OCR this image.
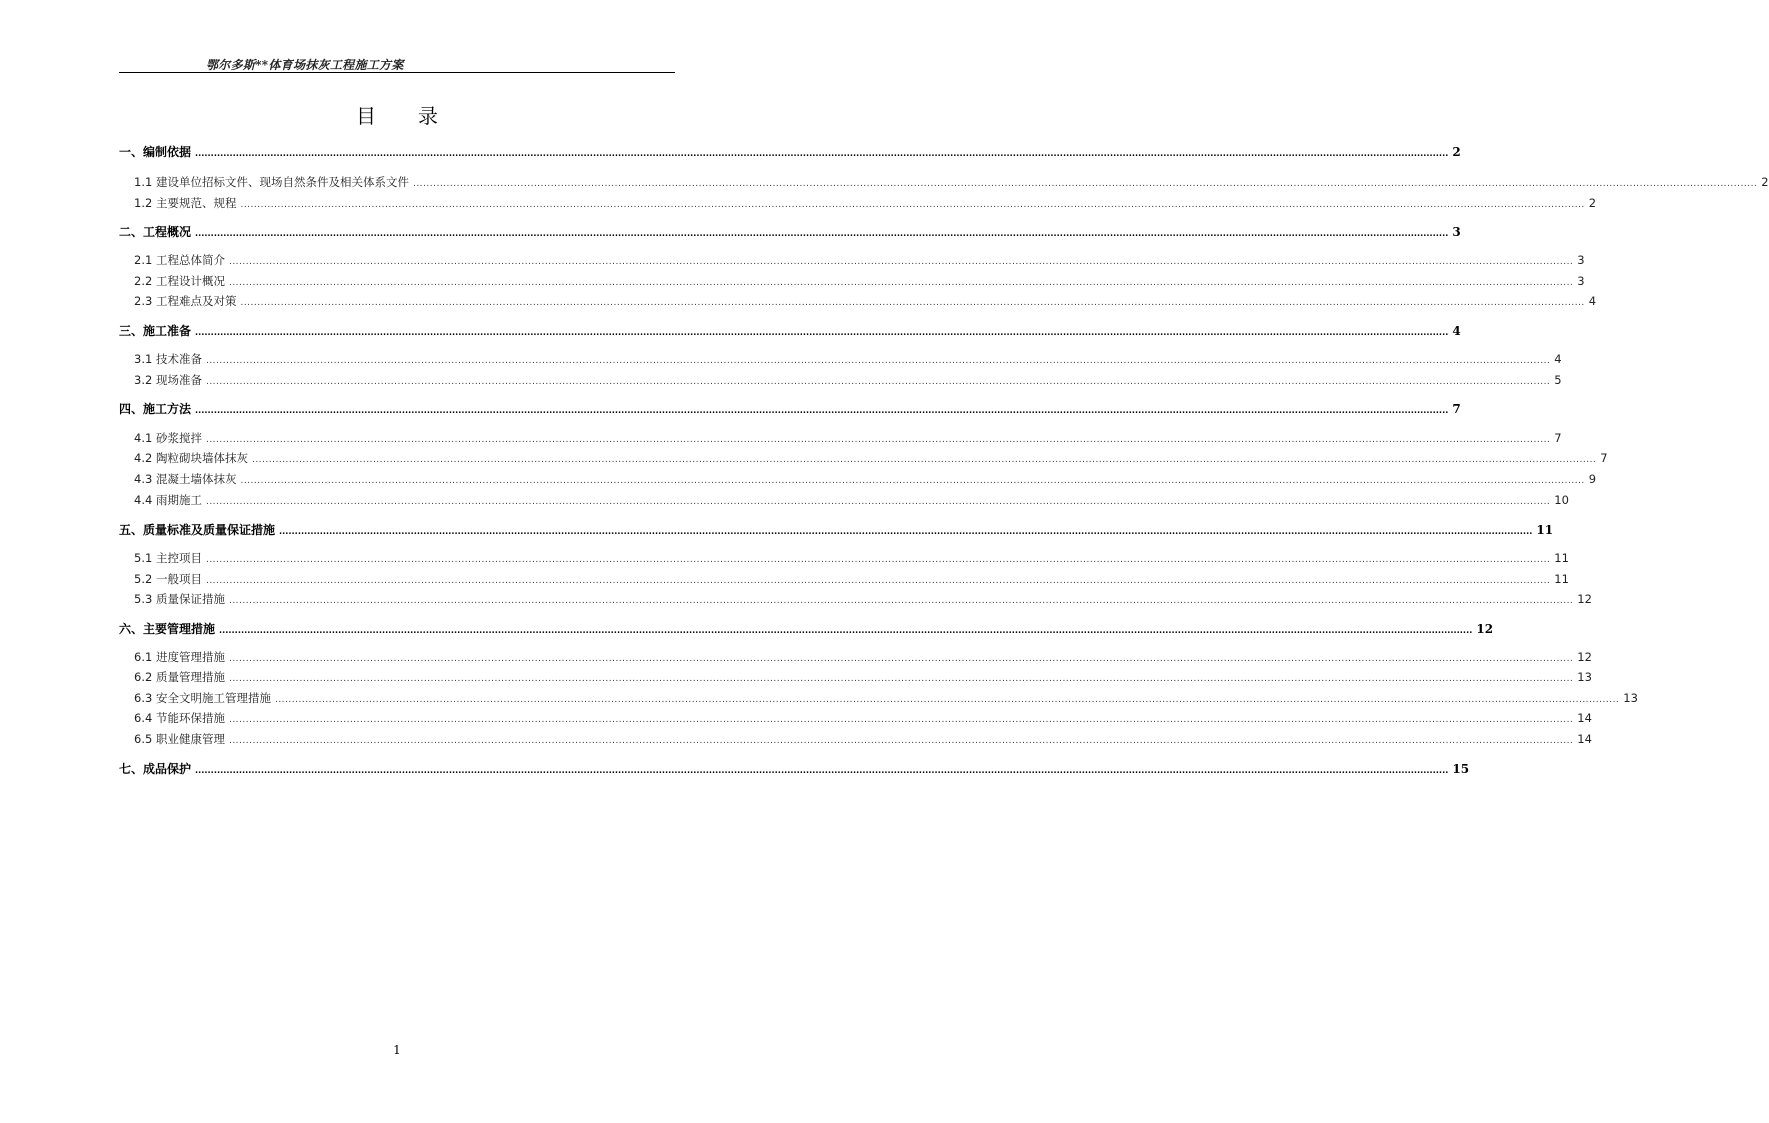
鄂尔多斯**体育场抹灰工程施工方案
目录
一、编制依据 ................................................................................................................................................................................................................................................................................................................................................................................................................ 2
1.1 建设单位招标文件、现场自然条件及相关体系文件 ................................................................................................................................................................................................................................................................................................................................................................................................................ 2
1.2 主要规范、规程 ................................................................................................................................................................................................................................................................................................................................................................................................................ 2
二、工程概况 ................................................................................................................................................................................................................................................................................................................................................................................................................ 3
2.1 工程总体简介 ................................................................................................................................................................................................................................................................................................................................................................................................................ 3
2.2 工程设计概况 ................................................................................................................................................................................................................................................................................................................................................................................................................ 3
2.3 工程难点及对策 ................................................................................................................................................................................................................................................................................................................................................................................................................ 4
三、施工准备 ................................................................................................................................................................................................................................................................................................................................................................................................................ 4
3.1 技术准备 ................................................................................................................................................................................................................................................................................................................................................................................................................ 4
3.2 现场准备 ................................................................................................................................................................................................................................................................................................................................................................................................................ 5
四、施工方法 ................................................................................................................................................................................................................................................................................................................................................................................................................ 7
4.1 砂浆搅拌 ................................................................................................................................................................................................................................................................................................................................................................................................................ 7
4.2 陶粒砌块墙体抹灰 ................................................................................................................................................................................................................................................................................................................................................................................................................ 7
4.3 混凝土墙体抹灰 ................................................................................................................................................................................................................................................................................................................................................................................................................ 9
4.4 雨期施工 ................................................................................................................................................................................................................................................................................................................................................................................................................ 10
五、质量标准及质量保证措施 ................................................................................................................................................................................................................................................................................................................................................................................................................ 11
5.1 主控项目 ................................................................................................................................................................................................................................................................................................................................................................................................................ 11
5.2 一般项目 ................................................................................................................................................................................................................................................................................................................................................................................................................ 11
5.3 质量保证措施 ................................................................................................................................................................................................................................................................................................................................................................................................................ 12
六、主要管理措施 ................................................................................................................................................................................................................................................................................................................................................................................................................ 12
6.1 进度管理措施 ................................................................................................................................................................................................................................................................................................................................................................................................................ 12
6.2 质量管理措施 ................................................................................................................................................................................................................................................................................................................................................................................................................ 13
6.3 安全文明施工管理措施 ................................................................................................................................................................................................................................................................................................................................................................................................................ 13
6.4 节能环保措施 ................................................................................................................................................................................................................................................................................................................................................................................................................ 14
6.5 职业健康管理 ................................................................................................................................................................................................................................................................................................................................................................................................................ 14
七、成品保护 ................................................................................................................................................................................................................................................................................................................................................................................................................ 15
1
